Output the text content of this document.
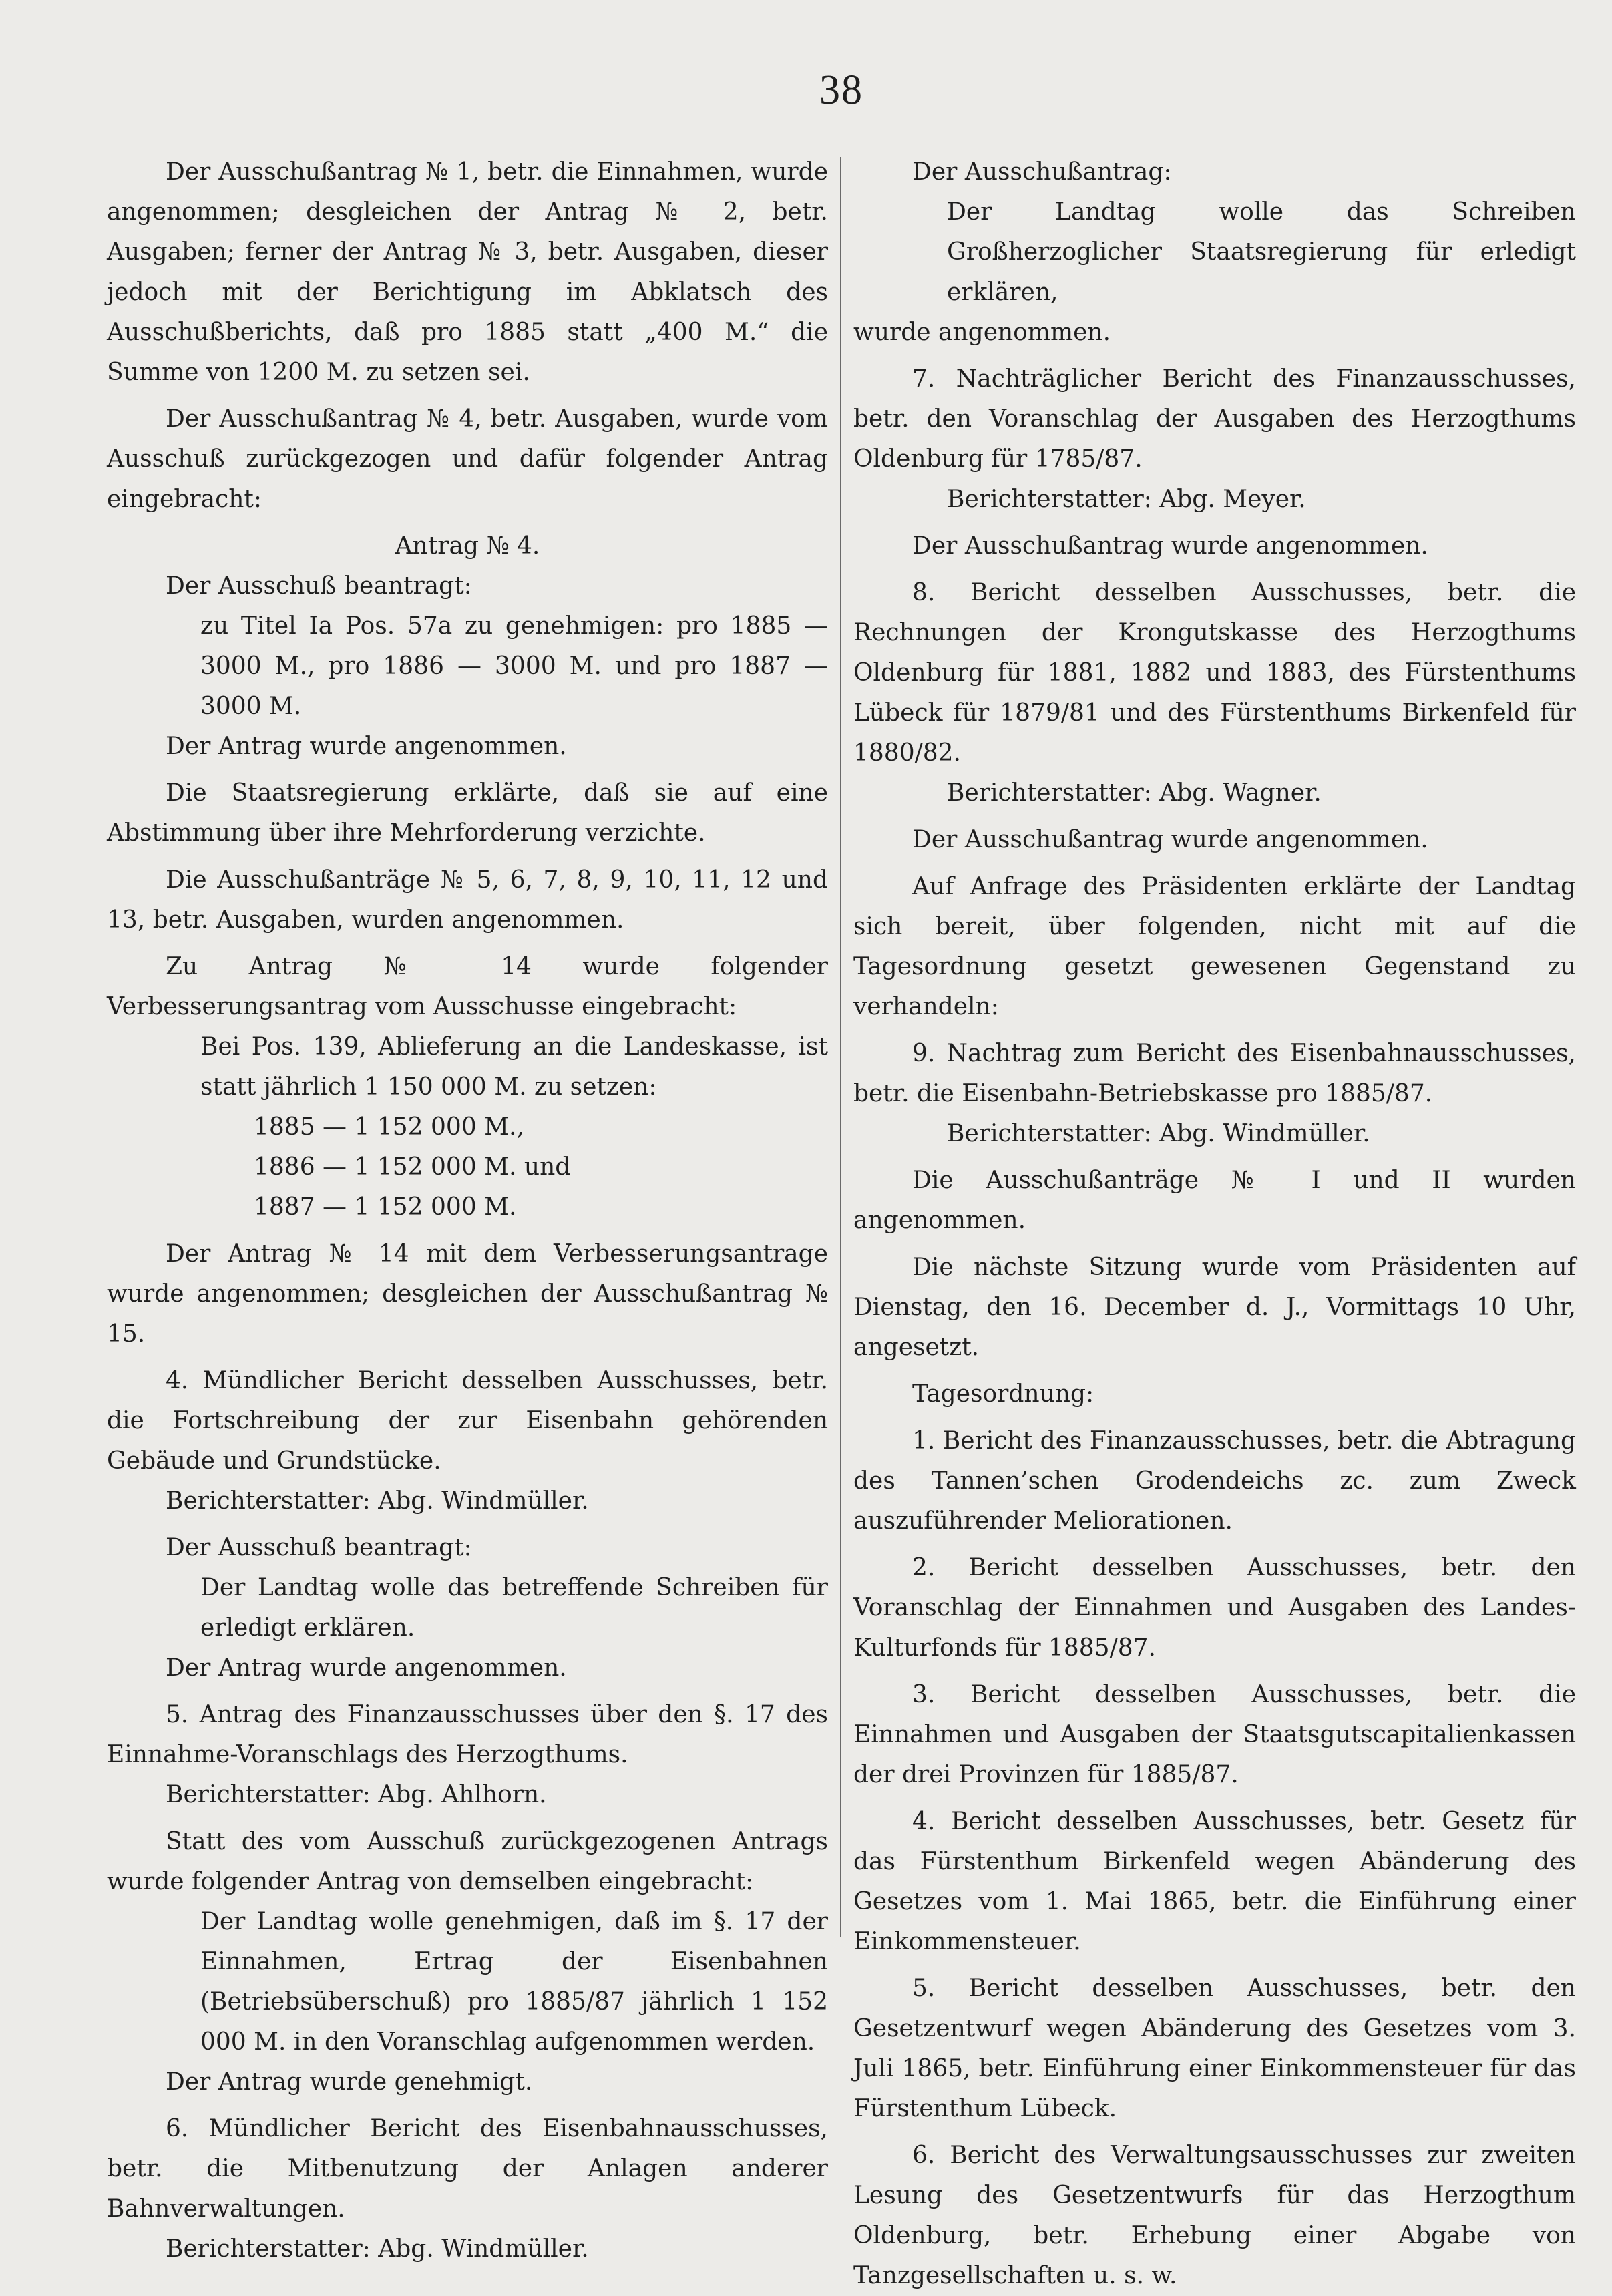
38

Der Ausschußantrag № 1, betr. die Einnahmen, wurde angenommen; desgleichen der Antrag № 2, betr. Ausgaben; ferner der Antrag № 3, betr. Ausgaben, dieser jedoch mit der Berichtigung im Abklatsch des Ausschußberichts, daß pro 1885 statt „400 M.“ die Summe von 1200 M. zu setzen sei.

Der Ausschußantrag № 4, betr. Ausgaben, wurde vom Ausschuß zurückgezogen und dafür folgender Antrag eingebracht:

Antrag № 4.

Der Ausschuß beantragt:

zu Titel Ia Pos. 57a zu genehmigen: pro 1885 — 3000 M., pro 1886 — 3000 M. und pro 1887 — 3000 M.

Der Antrag wurde angenommen.

Die Staatsregierung erklärte, daß sie auf eine Abstimmung über ihre Mehrforderung verzichte.

Die Ausschußanträge № 5, 6, 7, 8, 9, 10, 11, 12 und 13, betr. Ausgaben, wurden angenommen.

Zu Antrag № 14 wurde folgender Verbesserungsantrag vom Ausschusse eingebracht:

Bei Pos. 139, Ablieferung an die Landeskasse, ist statt jährlich 1 150 000 M. zu setzen:

1885 — 1 152 000 M.,

1886 — 1 152 000 M. und

1887 — 1 152 000 M.

Der Antrag № 14 mit dem Verbesserungsantrage wurde angenommen; desgleichen der Ausschußantrag № 15.

4. Mündlicher Bericht desselben Ausschusses, betr. die Fortschreibung der zur Eisenbahn gehörenden Gebäude und Grundstücke.

Berichterstatter: Abg. Windmüller.

Der Ausschuß beantragt:

Der Landtag wolle das betreffende Schreiben für erledigt erklären.

Der Antrag wurde angenommen.

5. Antrag des Finanzausschusses über den §. 17 des Einnahme-Voranschlags des Herzogthums.

Berichterstatter: Abg. Ahlhorn.

Statt des vom Ausschuß zurückgezogenen Antrags wurde folgender Antrag von demselben eingebracht:

Der Landtag wolle genehmigen, daß im §. 17 der Einnahmen, Ertrag der Eisenbahnen (Betriebsüberschuß) pro 1885/87 jährlich 1 152 000 M. in den Voranschlag aufgenommen werden.

Der Antrag wurde genehmigt.

6. Mündlicher Bericht des Eisenbahnausschusses, betr. die Mitbenutzung der Anlagen anderer Bahnverwaltungen.

Berichterstatter: Abg. Windmüller.

Der Ausschußantrag:

Der Landtag wolle das Schreiben Großherzoglicher Staatsregierung für erledigt erklären,

wurde angenommen.

7. Nachträglicher Bericht des Finanzausschusses, betr. den Voranschlag der Ausgaben des Herzogthums Oldenburg für 1785/87.

Berichterstatter: Abg. Meyer.

Der Ausschußantrag wurde angenommen.

8. Bericht desselben Ausschusses, betr. die Rechnungen der Krongutskasse des Herzogthums Oldenburg für 1881, 1882 und 1883, des Fürstenthums Lübeck für 1879/81 und des Fürstenthums Birkenfeld für 1880/82.

Berichterstatter: Abg. Wagner.

Der Ausschußantrag wurde angenommen.

Auf Anfrage des Präsidenten erklärte der Landtag sich bereit, über folgenden, nicht mit auf die Tagesordnung gesetzt gewesenen Gegenstand zu verhandeln:

9. Nachtrag zum Bericht des Eisenbahnausschusses, betr. die Eisenbahn-Betriebskasse pro 1885/87.

Berichterstatter: Abg. Windmüller.

Die Ausschußanträge № I und II wurden angenommen.

Die nächste Sitzung wurde vom Präsidenten auf Dienstag, den 16. December d. J., Vormittags 10 Uhr, angesetzt.

Tagesordnung:

1. Bericht des Finanzausschusses, betr. die Abtragung des Tannen’schen Grodendeichs zc. zum Zweck auszuführender Meliorationen.

2. Bericht desselben Ausschusses, betr. den Voranschlag der Einnahmen und Ausgaben des Landes-Kulturfonds für 1885/87.

3. Bericht desselben Ausschusses, betr. die Einnahmen und Ausgaben der Staatsgutscapitalienkassen der drei Provinzen für 1885/87.

4. Bericht desselben Ausschusses, betr. Gesetz für das Fürstenthum Birkenfeld wegen Abänderung des Gesetzes vom 1. Mai 1865, betr. die Einführung einer Einkommensteuer.

5. Bericht desselben Ausschusses, betr. den Gesetzentwurf wegen Abänderung des Gesetzes vom 3. Juli 1865, betr. Einführung einer Einkommensteuer für das Fürstenthum Lübeck.

6. Bericht des Verwaltungsausschusses zur zweiten Lesung des Gesetzentwurfs für das Herzogthum Oldenburg, betr. Erhebung einer Abgabe von Tanzgesellschaften u. s. w.
